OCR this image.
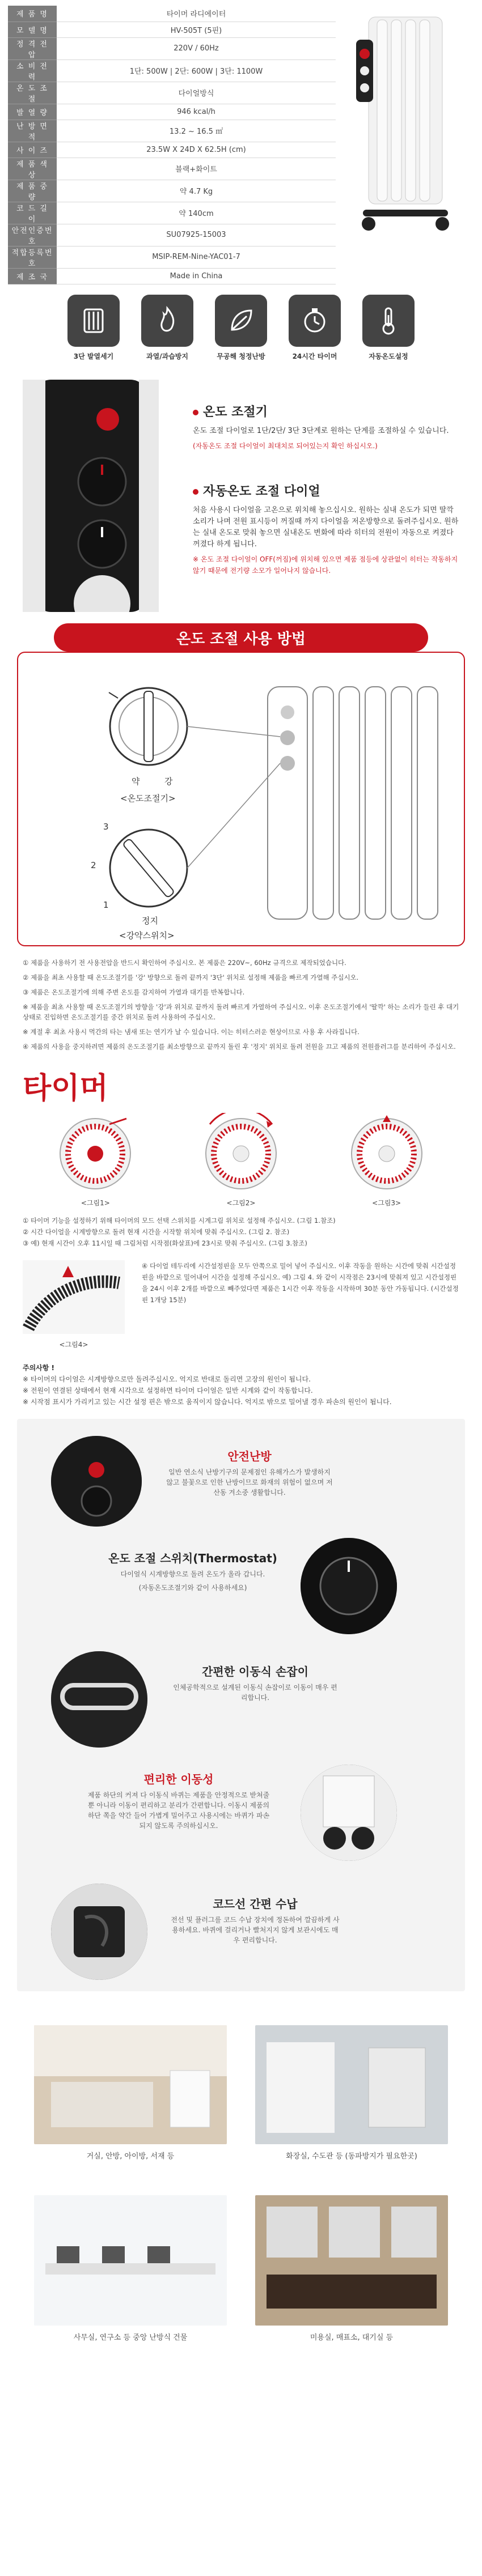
제 품 명	타이머 라디에이터
모 델 명	HV-505T (5핀)
정 격 전 압	220V / 60Hz
소 비 전 력	1단: 500W | 2단: 600W | 3단: 1100W
온 도 조 절	다이얼방식
발 열 량	946 kcal/h
난 방 면 적	13.2 ~ 16.5 ㎡
사 이 즈	23.5W X 24D X 62.5H (cm)
제 품 색 상	블랙+화이트
제 품 중 량	약 4.7 Kg
코 드 길 이	약 140cm
안전인증번호	SU07925-15003
적합등록번호	MSIP-REM-Nine-YAC01-7
제 조 국	Made in China
3단 발열세기	과열/과습방지	무공해 청정난방	24시간 타이머	자동온도설정
온도 조절기

온도 조절 다이얼로 1단/2단/ 3단 3단계로 원하는 단계를 조절하실 수 있습니다.

(자동온도 조절 다이얼이 최대치로 되어있는지 확인 하십시오.)

자동온도 조절 다이얼

처음 사용시 다이얼을 고온으로 위치해 놓으십시오. 원하는 실내 온도가 되면 딸깍 소리가 나며 전원 표시등이 꺼질때 까지 다이얼을 저온방향으로 돌려주십시오. 원하는 실내 온도로 맞춰 놓으면 실내온도 변화에 따라 히터의 전원이 자동으로 켜졌다 꺼졌다 하게 됩니다.

※ 온도 조절 다이얼이 OFF(꺼짐)에 위치해 있으면 제품 점등에 상관없이 히터는 작동하지 않기 때문에 전기량 소모가 일어나지 않습니다.

약	강
<온도조절기>
3
2
1
정지
<강약스위치>
온도 조절 사용 방법

① 제품을 사용하기 전 사용전압을 반드시 확인하여 주십시오. 본 제품은 220V~, 60Hz 규격으로 제작되었습니다.

② 제품을 최초 사용할 때 온도조절기를 '강' 방향으로 돌려 끝까지 '3단' 위치로 설정해 제품을 빠르게 가열해 주십시오.

③ 제품은 온도조절기에 의해 주변 온도를 감지하여 가열과 대기를 반복합니다.

※ 제품을 최초 사용할 때 온도조절기의 방향을 '강'과 위치로 끝까지 돌려 빠르게 가열하여 주십시오. 이후 온도조절기에서 '딸깍' 하는 소리가 들린 후 대기상태로 진입하면 온도조절기를 중간 위치로 돌려 사용하여 주십시오.

※ 계절 후 최초 사용시 먹간의 타는 냄새 또는 연기가 날 수 있습니다. 이는 히터스러운 현상이므로 사용 후 사라집니다.

④ 제품의 사용을 중지하려면 제품의 온도조절기를 최소방향으로 끝까지 돌린 후 '정지' 위치로 돌려 전원을 끄고 제품의 전원플러그를 분리하여 주십시오.

타이머
<그림1>	<그림2>	<그림3>

① 타이머 기능을 설정하기 위해 타이머의 모드 선택 스위치를 시계그림 위치로 설정해 주십시오. (그림 1.참조)

② 시간 다이얼을 시계방향으로 돌려 현재 시간을 시작할 위치에 맞춰 주십시오. (그림 2. 참조)

③ 예) 현재 시간이 오후 11시일 때 그림처럼 시작점(화살표)에 23시로 맞춰 주십시오. (그림 3.참조)

<그림4>
④ 다이얼 테두리에 시간설정핀을 모두 안쪽으로 밀어 넣어 주십시오. 이후 작동을 원하는 시간에 맞춰 시간설정핀을 바깥으로 밀어내어 시간을 설정해 주십시오. 예) 그림 4. 와 같이 시작점은 23시에 맞춰져 있고 시간설정핀을 24시 이후 2개를 바깥으로 빼주었다면 제품은 1시간 이후 작동을 시작하며 30분 동안 가동됩니다. (시간설정핀 1개당 15분)
주의사항 !

※ 타이머의 다이얼은 시계방향으로만 돌려주십시오. 억지로 반대로 돌리면 고장의 원인이 됩니다.

※ 전원이 연결된 상태에서 현재 시각으로 설정하면 타이머 다이얼은 일반 시계와 같이 작동합니다.

※ 시작점 표시가 가리키고 있는 시간 설정 핀은 밖으로 움직이지 않습니다. 억지로 밖으로 밀어낼 경우 파손의 원인이 됩니다.

안전난방

일반 연소식 난방기구의 문제점인 유해가스가 발생하지 않고 불꽃으로 인한 난방이므로 화재의 위험이 없으며 저산동 겨소중 생활합니다.

온도 조절 스위치(Thermostat)

다이얼식 시계방향으로 돌려 온도가 올라 갑니다.

(자동온도조절기와 같이 사용하세요)

간편한 이동식 손잡이

인체공학적으로 설계된 이동식 손잡이로 이동이 매우 편리합니다.

편리한 이동성

제품 하단의 커져 다 이동식 바퀴는 제품을 안정적으로 받쳐줄 뿐 아니라 이동이 편리하고 분리가 간편합니다. 이동시 제품의 하단 쪽을 약간 들어 가볍게 밀어주고 사용시에는 바퀴가 파손되지 않도록 주의하십시오.

코드선 간편 수납

전선 및 플러그를 코드 수납 장치에 정돈하여 깔끔하게 사용하세요. 바퀴에 걸리거나 빨처지지 않게 보관시에도 매우 편리합니다.

거실, 안방, 아이방, 서재 등	화장실, 수도관 등 (동파방지가 필요한곳)
사무실, 연구소 등 중앙 난방식 건물	미용실, 매표소, 대기실 등
